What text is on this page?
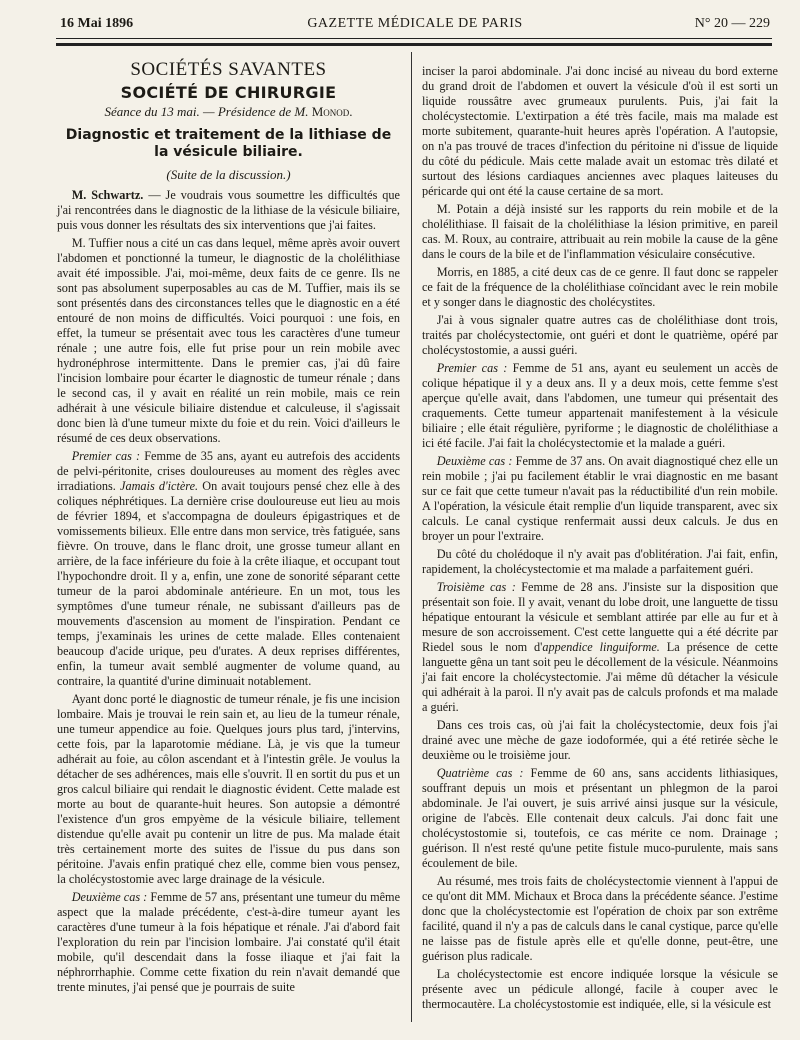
16 Mai 1896	GAZETTE MÉDICALE DE PARIS	N° 20 — 229
SOCIÉTÉS SAVANTES
SOCIÉTÉ DE CHIRURGIE
Séance du 13 mai. — Présidence de M. Monod.
Diagnostic et traitement de la lithiase de la vésicule biliaire.
(Suite de la discussion.)

M. Schwartz. — Je voudrais vous soumettre les difficultés que j'ai rencontrées dans le diagnostic de la lithiase de la vésicule biliaire, puis vous donner les résultats des six interventions que j'ai faites.

M. Tuffier nous a cité un cas dans lequel, même après avoir ouvert l'abdomen et ponctionné la tumeur, le diagnostic de la cholélithiase avait été impossible. J'ai, moi-même, deux faits de ce genre. Ils ne sont pas absolument superposables au cas de M. Tuffier, mais ils se sont présentés dans des circonstances telles que le diagnostic en a été entouré de non moins de difficultés. Voici pourquoi : une fois, en effet, la tumeur se présentait avec tous les caractères d'une tumeur rénale ; une autre fois, elle fut prise pour un rein mobile avec hydronéphrose intermittente. Dans le premier cas, j'ai dû faire l'incision lombaire pour écarter le diagnostic de tumeur rénale ; dans le second cas, il y avait en réalité un rein mobile, mais ce rein adhérait à une vésicule biliaire distendue et calculeuse, il s'agissait donc bien là d'une tumeur mixte du foie et du rein. Voici d'ailleurs le résumé de ces deux observations.

Premier cas : Femme de 35 ans, ayant eu autrefois des accidents de pelvi-péritonite, crises douloureuses au moment des règles avec irradiations. Jamais d'ictère. On avait toujours pensé chez elle à des coliques néphrétiques. La dernière crise douloureuse eut lieu au mois de février 1894, et s'accompagna de douleurs épigastriques et de vomissements bilieux. Elle entre dans mon service, très fatiguée, sans fièvre. On trouve, dans le flanc droit, une grosse tumeur allant en arrière, de la face inférieure du foie à la crête iliaque, et occupant tout l'hypochondre droit. Il y a, enfin, une zone de sonorité séparant cette tumeur de la paroi abdominale antérieure. En un mot, tous les symptômes d'une tumeur rénale, ne subissant d'ailleurs pas de mouvements d'ascension au moment de l'inspiration. Pendant ce temps, j'examinais les urines de cette malade. Elles contenaient beaucoup d'acide urique, peu d'urates. A deux reprises différentes, enfin, la tumeur avait semblé augmenter de volume quand, au contraire, la quantité d'urine diminuait notablement.

Ayant donc porté le diagnostic de tumeur rénale, je fis une incision lombaire. Mais je trouvai le rein sain et, au lieu de la tumeur rénale, une tumeur appendice au foie. Quelques jours plus tard, j'intervins, cette fois, par la laparotomie médiane. Là, je vis que la tumeur adhérait au foie, au côlon ascendant et à l'intestin grêle. Je voulus la détacher de ses adhérences, mais elle s'ouvrit. Il en sortit du pus et un gros calcul biliaire qui rendait le diagnostic évident. Cette malade est morte au bout de quarante-huit heures. Son autopsie a démontré l'existence d'un gros empyème de la vésicule biliaire, tellement distendue qu'elle avait pu contenir un litre de pus. Ma malade était très certainement morte des suites de l'issue du pus dans son péritoine. J'avais enfin pratiqué chez elle, comme bien vous pensez, la cholécystostomie avec large drainage de la vésicule.

Deuxième cas : Femme de 57 ans, présentant une tumeur du même aspect que la malade précédente, c'est-à-dire tumeur ayant les caractères d'une tumeur à la fois hépatique et rénale. J'ai d'abord fait l'exploration du rein par l'incision lombaire. J'ai constaté qu'il était mobile, qu'il descendait dans la fosse iliaque et j'ai fait la néphrorrhaphie. Comme cette fixation du rein n'avait demandé que trente minutes, j'ai pensé que je pourrais de suite

inciser la paroi abdominale. J'ai donc incisé au niveau du bord externe du grand droit de l'abdomen et ouvert la vésicule d'où il est sorti un liquide roussâtre avec grumeaux purulents. Puis, j'ai fait la cholécystectomie. L'extirpation a été très facile, mais ma malade est morte subitement, quarante-huit heures après l'opération. A l'autopsie, on n'a pas trouvé de traces d'infection du péritoine ni d'issue de liquide du côté du pédicule. Mais cette malade avait un estomac très dilaté et surtout des lésions cardiaques anciennes avec plaques laiteuses du péricarde qui ont été la cause certaine de sa mort.

M. Potain a déjà insisté sur les rapports du rein mobile et de la cholélithiase. Il faisait de la cholélithiase la lésion primitive, en pareil cas. M. Roux, au contraire, attribuait au rein mobile la cause de la gêne dans le cours de la bile et de l'inflammation vésiculaire consécutive.

Morris, en 1885, a cité deux cas de ce genre. Il faut donc se rappeler ce fait de la fréquence de la cholélithiase coïncidant avec le rein mobile et y songer dans le diagnostic des cholécystites.

J'ai à vous signaler quatre autres cas de cholélithiase dont trois, traités par cholécystectomie, ont guéri et dont le quatrième, opéré par cholécystostomie, a aussi guéri.

Premier cas : Femme de 51 ans, ayant eu seulement un accès de colique hépatique il y a deux ans. Il y a deux mois, cette femme s'est aperçue qu'elle avait, dans l'abdomen, une tumeur qui présentait des craquements. Cette tumeur appartenait manifestement à la vésicule biliaire ; elle était régulière, pyriforme ; le diagnostic de cholélithiase a ici été facile. J'ai fait la cholécystectomie et la malade a guéri.

Deuxième cas : Femme de 37 ans. On avait diagnostiqué chez elle un rein mobile ; j'ai pu facilement établir le vrai diagnostic en me basant sur ce fait que cette tumeur n'avait pas la réductibilité d'un rein mobile. A l'opération, la vésicule était remplie d'un liquide transparent, avec six calculs. Le canal cystique renfermait aussi deux calculs. Je dus en broyer un pour l'extraire.

Du côté du cholédoque il n'y avait pas d'oblitération. J'ai fait, enfin, rapidement, la cholécystectomie et ma malade a parfaitement guéri.

Troisième cas : Femme de 28 ans. J'insiste sur la disposition que présentait son foie. Il y avait, venant du lobe droit, une languette de tissu hépatique entourant la vésicule et semblant attirée par elle au fur et à mesure de son accroissement. C'est cette languette qui a été décrite par Riedel sous le nom d'appendice linguiforme. La présence de cette languette gêna un tant soit peu le décollement de la vésicule. Néanmoins j'ai fait encore la cholécystectomie. J'ai même dû détacher la vésicule qui adhérait à la paroi. Il n'y avait pas de calculs profonds et ma malade a guéri.

Dans ces trois cas, où j'ai fait la cholécystectomie, deux fois j'ai drainé avec une mèche de gaze iodoformée, qui a été retirée sèche le deuxième ou le troisième jour.

Quatrième cas : Femme de 60 ans, sans accidents lithiasiques, souffrant depuis un mois et présentant un phlegmon de la paroi abdominale. Je l'ai ouvert, je suis arrivé ainsi jusque sur la vésicule, origine de l'abcès. Elle contenait deux calculs. J'ai donc fait une cholécystostomie si, toutefois, ce cas mérite ce nom. Drainage ; guérison. Il n'est resté qu'une petite fistule muco-purulente, mais sans écoulement de bile.

Au résumé, mes trois faits de cholécystectomie viennent à l'appui de ce qu'ont dit MM. Michaux et Broca dans la précédente séance. J'estime donc que la cholécystectomie est l'opération de choix par son extrême facilité, quand il n'y a pas de calculs dans le canal cystique, parce qu'elle ne laisse pas de fistule après elle et qu'elle donne, peut-être, une guérison plus radicale.

La cholécystectomie est encore indiquée lorsque la vésicule se présente avec un pédicule allongé, facile à couper avec le thermocautère. La cholécystostomie est indiquée, elle, si la vésicule est
